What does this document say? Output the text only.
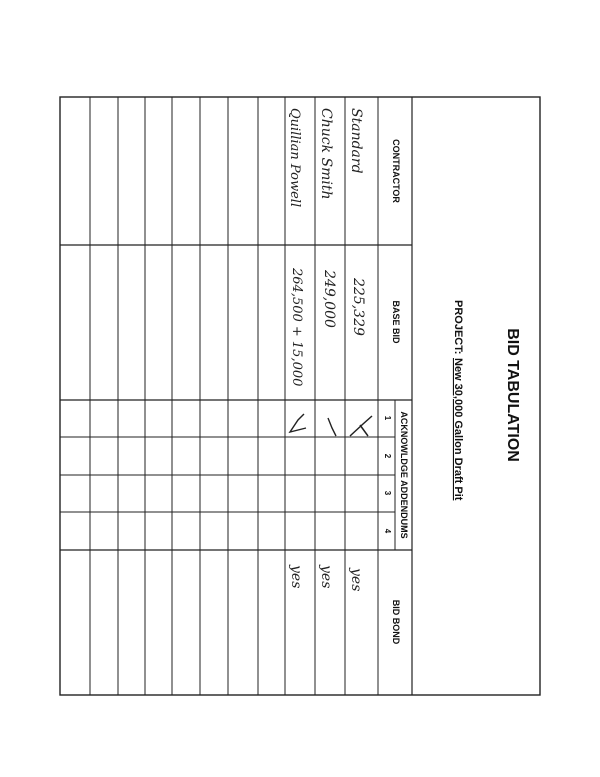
BID TABULATION
PROJECT:
New 30,000 Gallon Draft Pit
CONTRACTOR
BASE BID
ACKNOWLDGE ADDENDUMS
1
2
3
4
BID BOND
Standard
225,329
yes
Chuck Smith
249,000
yes
Quillian Powell
264,500 + 15,000
yes
